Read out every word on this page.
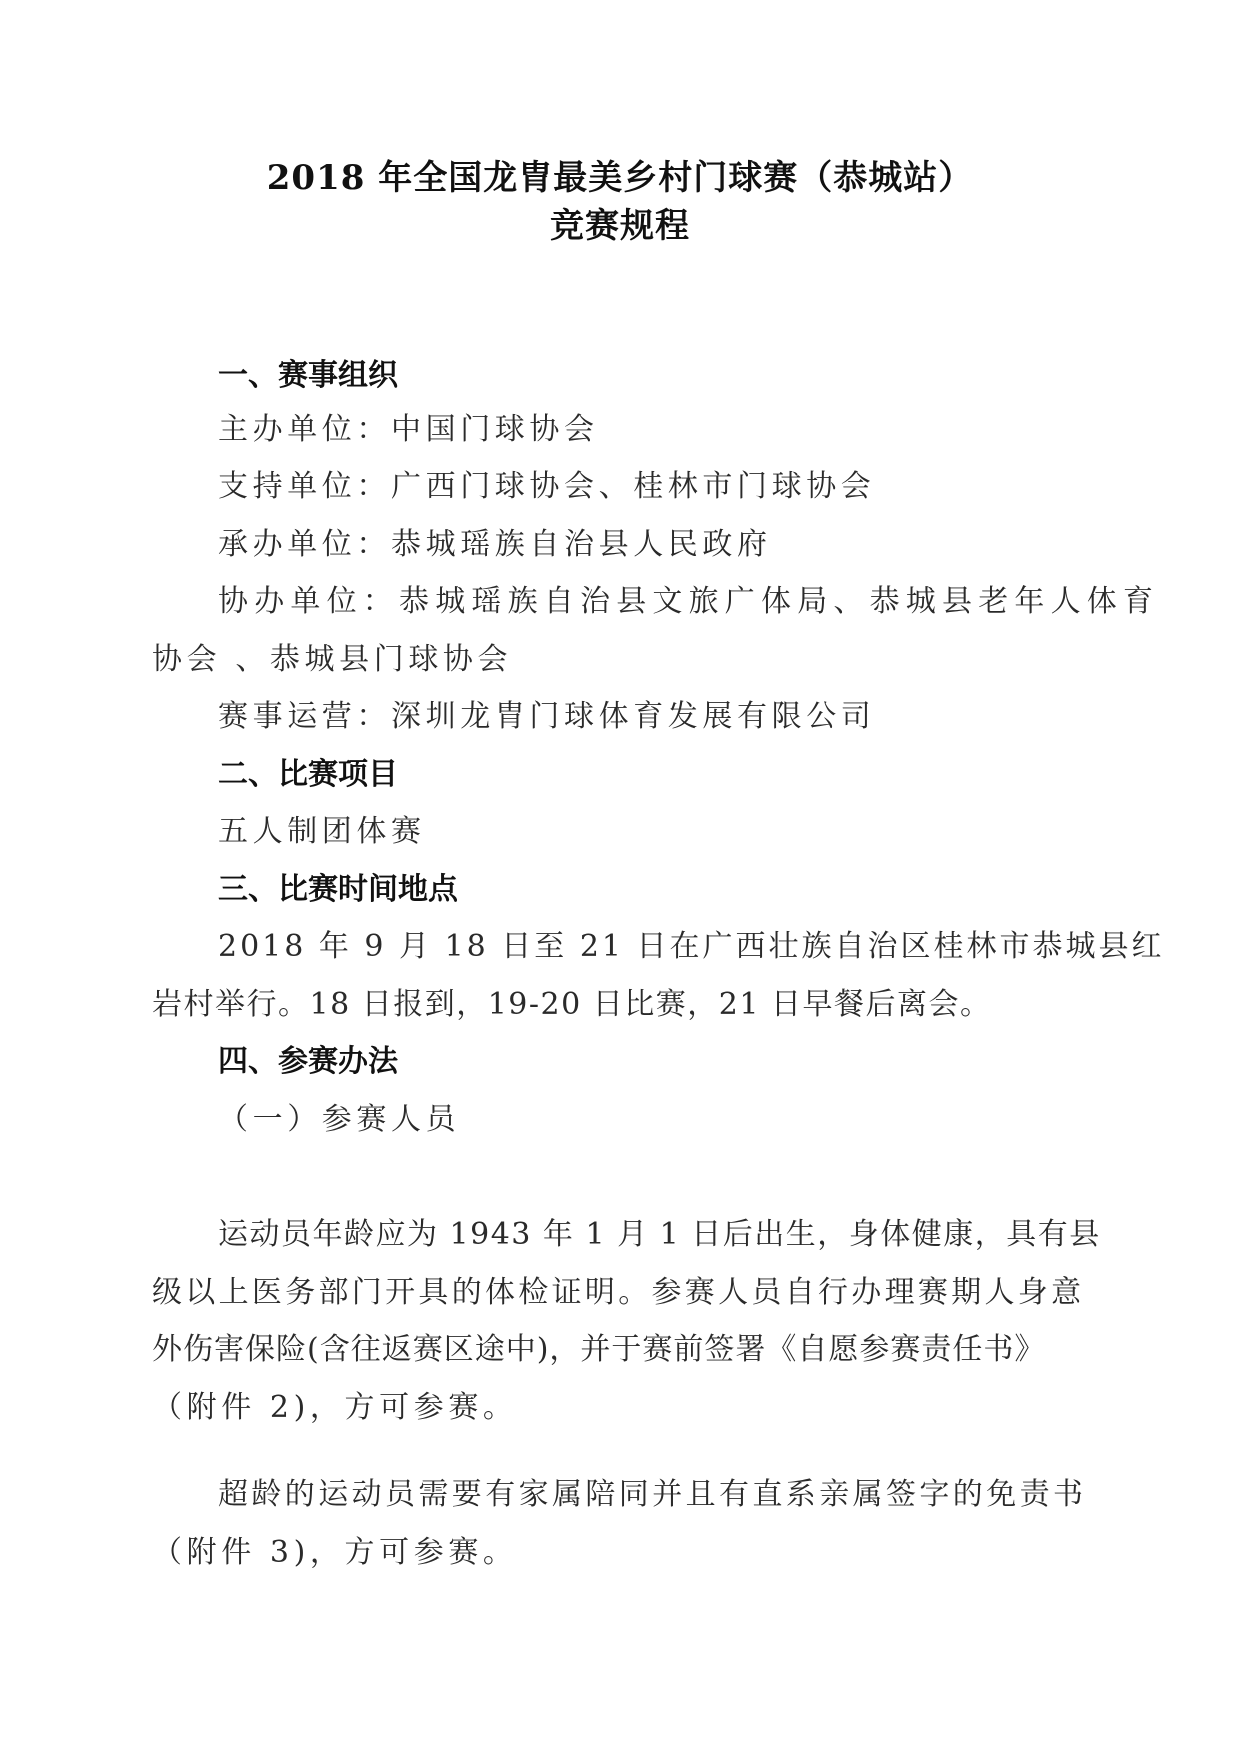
2018 年全国龙胄最美乡村门球赛（恭城站）
竞赛规程
一、赛事组织
主办单位：中国门球协会
支持单位：广西门球协会、桂林市门球协会
承办单位：恭城瑶族自治县人民政府
协办单位：恭城瑶族自治县文旅广体局、恭城县老年人体育
协会 、恭城县门球协会
赛事运营：深圳龙胄门球体育发展有限公司
二、比赛项目
五人制团体赛
三、比赛时间地点
2018 年 9 月 18 日至 21 日在广西壮族自治区桂林市恭城县红
岩村举行。18 日报到，19-20 日比赛，21 日早餐后离会。
四、参赛办法
（一）参赛人员
运动员年龄应为 1943 年 1 月 1 日后出生，身体健康，具有县
级以上医务部门开具的体检证明。参赛人员自行办理赛期人身意
外伤害保险(含往返赛区途中)，并于赛前签署《自愿参赛责任书》
（附件 2)，方可参赛。
超龄的运动员需要有家属陪同并且有直系亲属签字的免责书
（附件 3)，方可参赛。
